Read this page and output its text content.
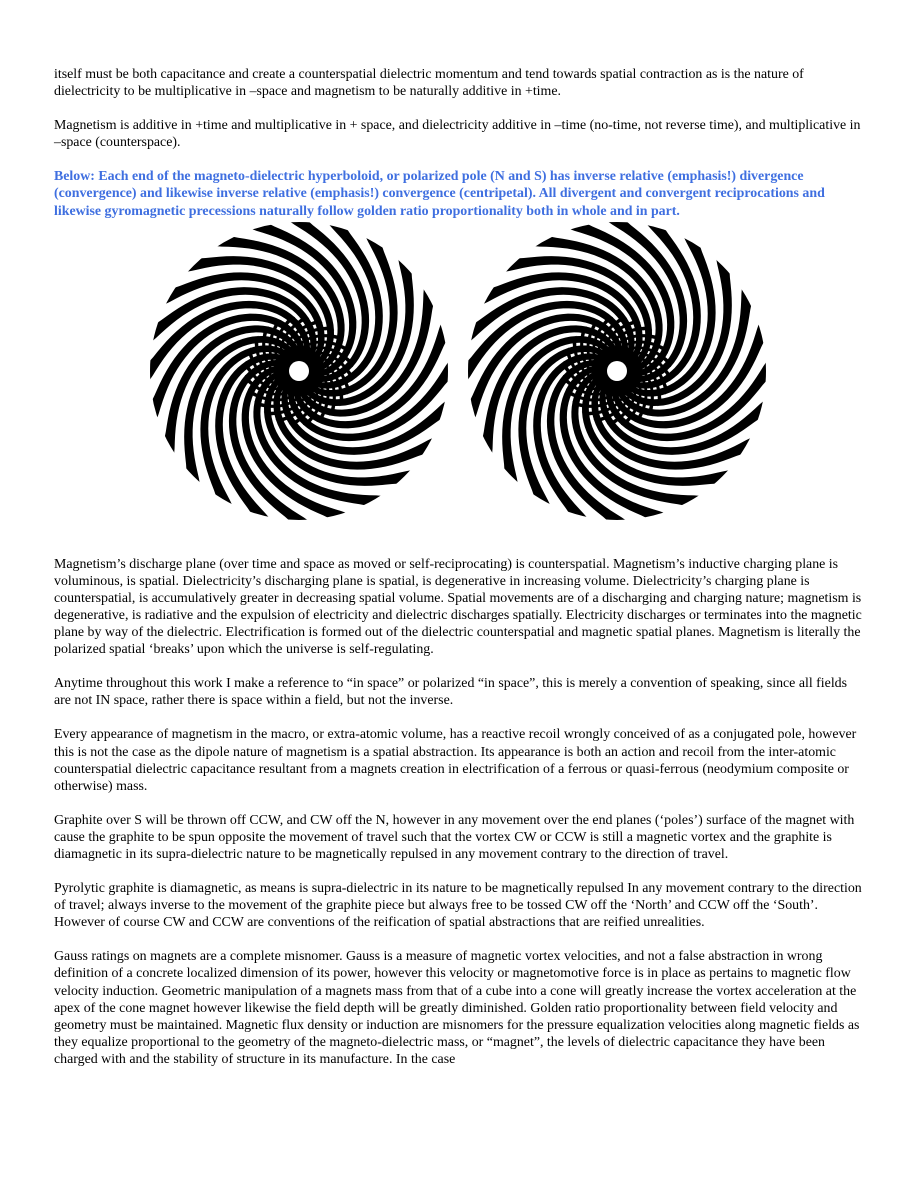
itself must be both capacitance and create a counterspatial dielectric momentum and tend towards spatial contraction as is the nature of dielectricity to be multiplicative in –space and magnetism to be naturally additive in +time.

Magnetism is additive in +time and multiplicative in + space, and dielectricity additive in –time (no-time, not reverse time), and multiplicative in –space (counterspace).

Below: Each end of the magneto-dielectric hyperboloid, or polarized pole (N and S) has inverse relative (emphasis!) divergence (convergence) and likewise inverse relative (emphasis!) convergence (centripetal). All divergent and convergent reciprocations and likewise gyromagnetic precessions naturally follow golden ratio proportionality both in whole and in part.

Magnetism’s discharge plane (over time and space as moved or self-reciprocating) is counterspatial. Magnetism’s inductive charging plane is voluminous, is spatial. Dielectricity’s discharging plane is spatial, is degenerative in increasing volume. Dielectricity’s charging plane is counterspatial, is accumulatively greater in decreasing spatial volume. Spatial movements are of a discharging and charging nature; magnetism is degenerative, is radiative and the expulsion of electricity and dielectric discharges spatially. Electricity discharges or terminates into the magnetic plane by way of the dielectric. Electrification is formed out of the dielectric counterspatial and magnetic spatial planes. Magnetism is literally the polarized spatial ‘breaks’ upon which the universe is self-regulating.

Anytime throughout this work I make a reference to “in space” or polarized “in space”, this is merely a convention of speaking, since all fields are not IN space, rather there is space within a field, but not the inverse.

Every appearance of magnetism in the macro, or extra-atomic volume, has a reactive recoil wrongly conceived of as a conjugated pole, however this is not the case as the dipole nature of magnetism is a spatial abstraction. Its appearance is both an action and recoil from the inter-atomic counterspatial dielectric capacitance resultant from a magnets creation in electrification of a ferrous or quasi-ferrous (neodymium composite or otherwise) mass.

Graphite over S will be thrown off CCW, and CW off the N, however in any movement over the end planes (‘poles’) surface of the magnet with cause the graphite to be spun opposite the movement of travel such that the vortex CW or CCW is still a magnetic vortex and the graphite is diamagnetic in its supra-dielectric nature to be magnetically repulsed in any movement contrary to the direction of travel.

Pyrolytic graphite is diamagnetic, as means is supra-dielectric in its nature to be magnetically repulsed In any movement contrary to the direction of travel; always inverse to the movement of the graphite piece but always free to be tossed CW off the ‘North’ and CCW off the ‘South’. However of course CW and CCW are conventions of the reification of spatial abstractions that are reified unrealities.

Gauss ratings on magnets are a complete misnomer. Gauss is a measure of magnetic vortex velocities, and not a false abstraction in wrong definition of a concrete localized dimension of its power, however this velocity or magnetomotive force is in place as pertains to magnetic flow velocity induction. Geometric manipulation of a magnets mass from that of a cube into a cone will greatly increase the vortex acceleration at the apex of the cone magnet however likewise the field depth will be greatly diminished. Golden ratio proportionality between field velocity and geometry must be maintained. Magnetic flux density or induction are misnomers for the pressure equalization velocities along magnetic fields as they equalize proportional to the geometry of the magneto-dielectric mass, or “magnet”, the levels of dielectric capacitance they have been charged with and the stability of structure in its manufacture. In the case
